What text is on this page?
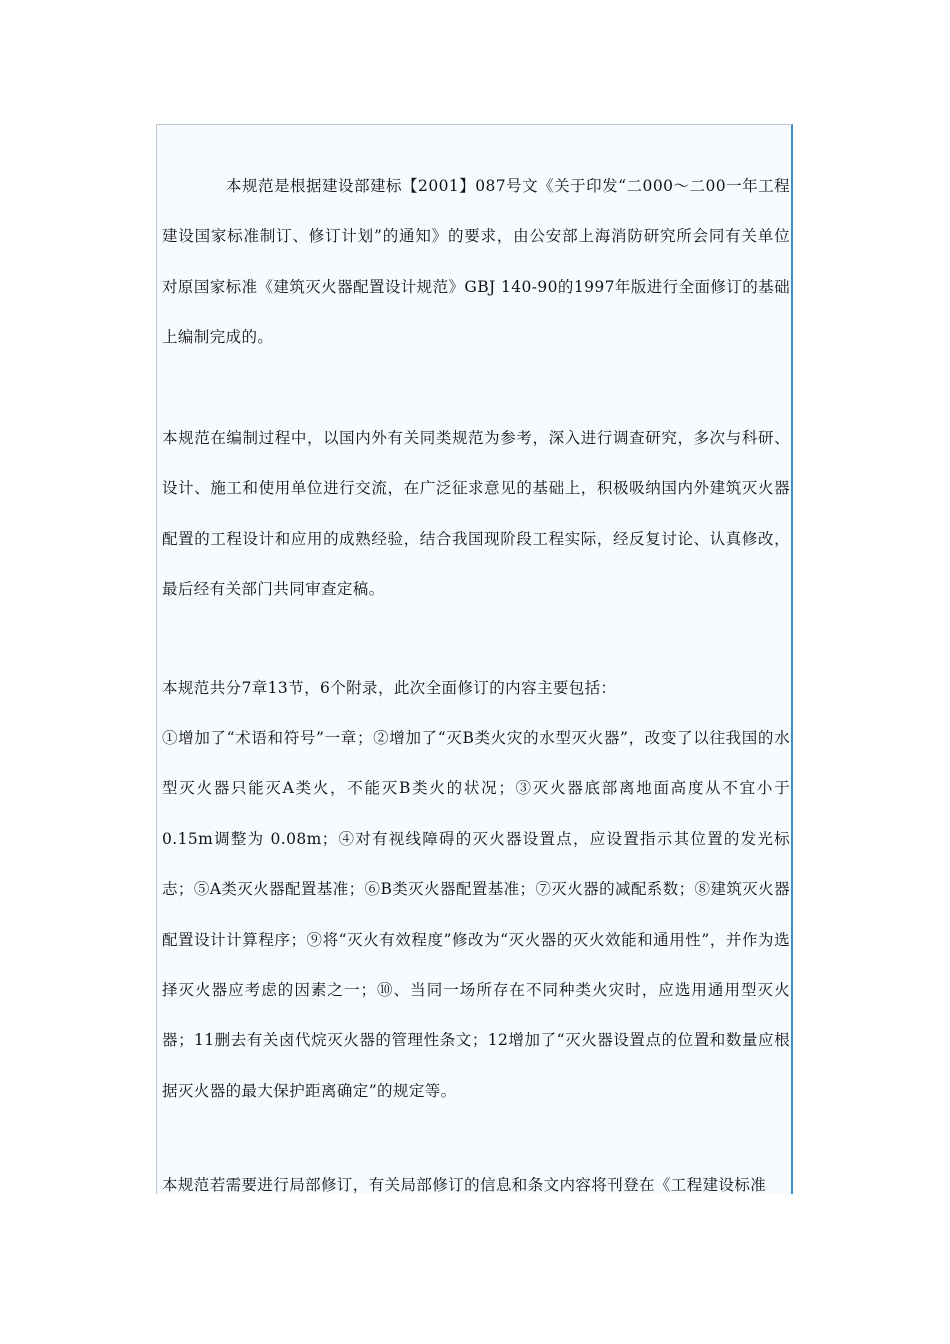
本规范是根据建设部建标【2001】087号文《关于印发“二000～二00一年工程建设国家标准制订、修订计划”的通知》的要求，由公安部上海消防研究所会同有关单位对原国家标准《建筑灭火器配置设计规范》GBJ 140-90的1997年版进行全面修订的基础上编制完成的。

本规范在编制过程中，以国内外有关同类规范为参考，深入进行调查研究，多次与科研、设计、施工和使用单位进行交流，在广泛征求意见的基础上，积极吸纳国内外建筑灭火器配置的工程设计和应用的成熟经验，结合我国现阶段工程实际，经反复讨论、认真修改，最后经有关部门共同审查定稿。

本规范共分7章13节，6个附录，此次全面修订的内容主要包括：

①增加了“术语和符号”一章；②增加了“灭B类火灾的水型灭火器”，改变了以往我国的水型灭火器只能灭A类火，不能灭B类火的状况；③灭火器底部离地面高度从不宜小于0.15m调整为 0.08m；④对有视线障碍的灭火器设置点，应设置指示其位置的发光标志；⑤A类灭火器配置基准；⑥B类灭火器配置基准；⑦灭火器的减配系数；⑧建筑灭火器配置设计计算程序；⑨将“灭火有效程度”修改为“灭火器的灭火效能和通用性”，并作为选择灭火器应考虑的因素之一；⑩、当同一场所存在不同种类火灾时，应选用通用型灭火器；11删去有关卤代烷灭火器的管理性条文；12增加了“灭火器设置点的位置和数量应根据灭火器的最大保护距离确定”的规定等。

本规范若需要进行局部修订，有关局部修订的信息和条文内容将刊登在《工程建设标准
